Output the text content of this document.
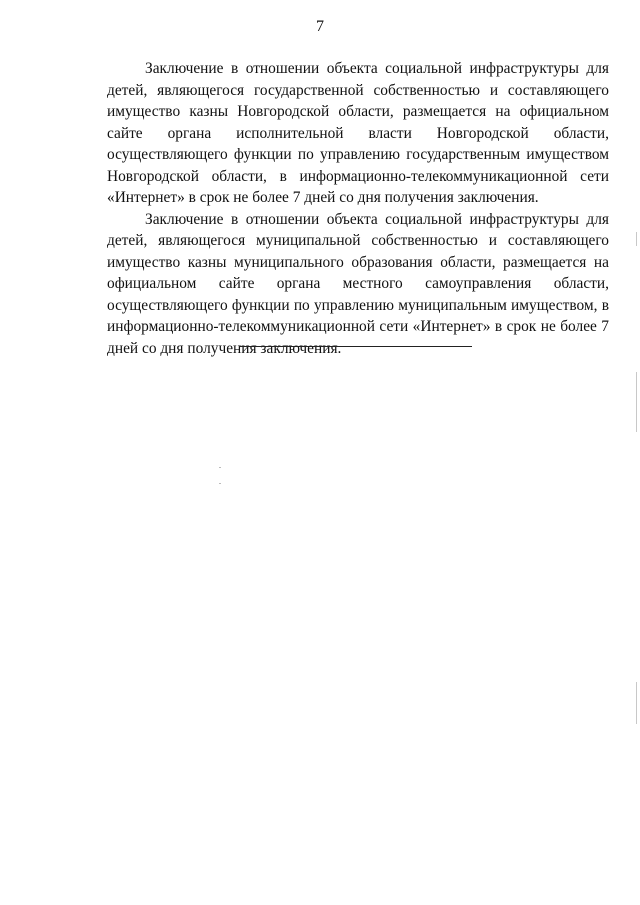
7

Заключение в отношении объекта социальной инфраструктуры для детей, являющегося государственной собственностью и составляющего имущество казны Новгородской области, размещается на официальном сайте органа исполнительной власти Новгородской области, осуществляющего функции по управлению государственным имуществом Новгородской области, в информационно-телекоммуникационной сети «Интернет» в срок не более 7 дней со дня получения заключения.

Заключение в отношении объекта социальной инфраструктуры для детей, являющегося муниципальной собственностью и составляющего имущество казны муниципального образования области, размещается на официальном сайте органа местного самоуправления области, осуществляющего функции по управлению муниципальным имуществом, в информационно-телекоммуникационной сети «Интернет» в срок не более 7 дней со дня получения заключения.
